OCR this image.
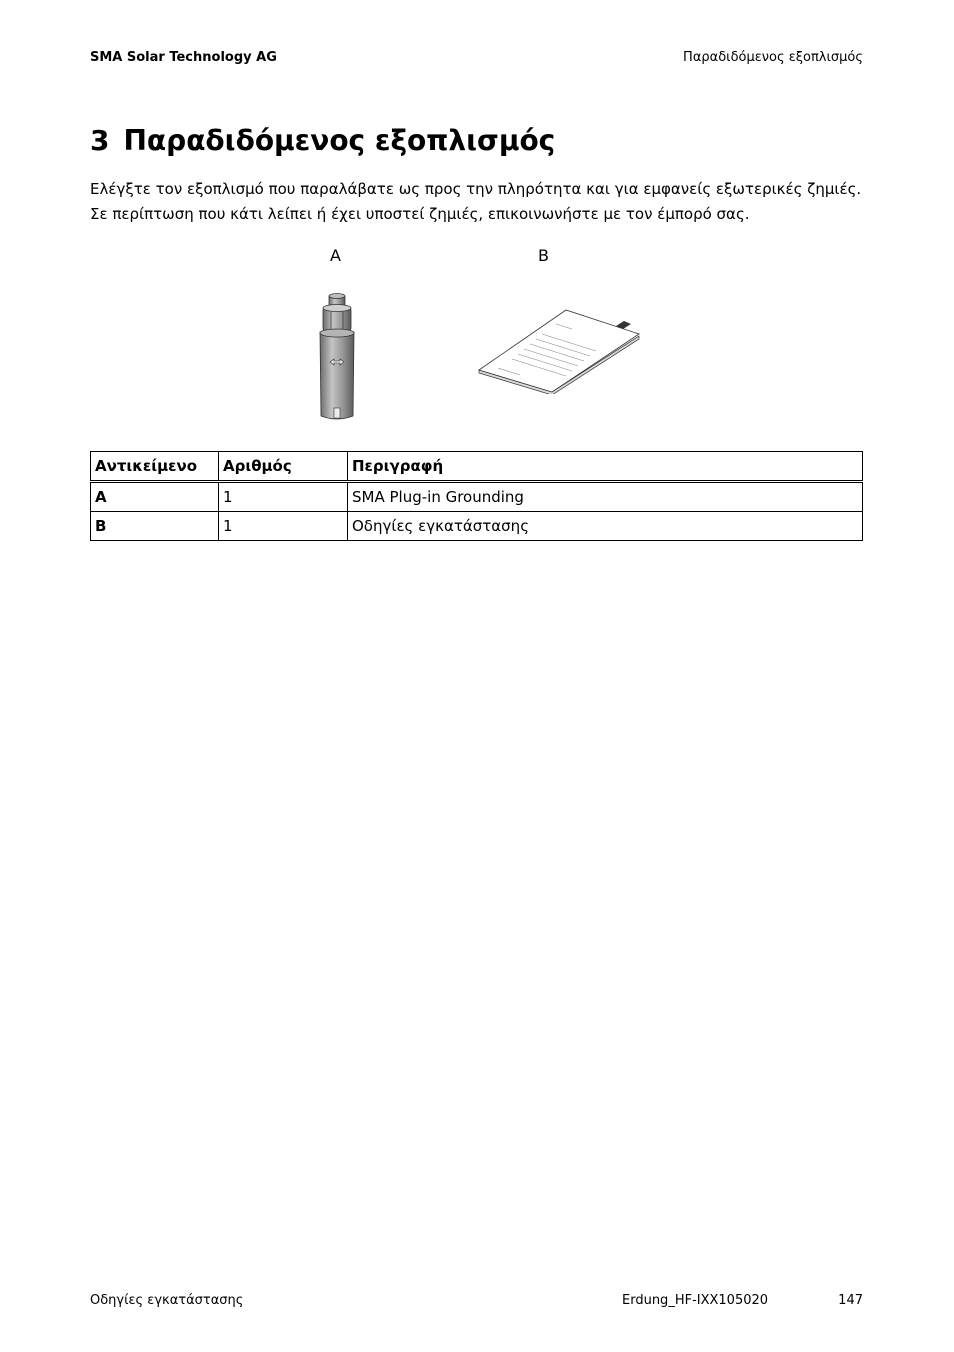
SMA Solar Technology AG	Παραδιδόμενος εξοπλισμός
3 Παραδιδόμενος εξοπλισμός

Ελέγξτε τον εξοπλισμό που παραλάβατε ως προς την πληρότητα και για εμφανείς εξωτερικές ζημιές. Σε περίπτωση που κάτι λείπει ή έχει υποστεί ζημιές, επικοινωνήστε με τον έμπορό σας.

A	B
Αντικείμενο	Αριθμός	Περιγραφή
A	1	SMA Plug-in Grounding
B	1	Οδηγίες εγκατάστασης
Οδηγίες εγκατάστασης	Erdung_HF-IXX105020	147
